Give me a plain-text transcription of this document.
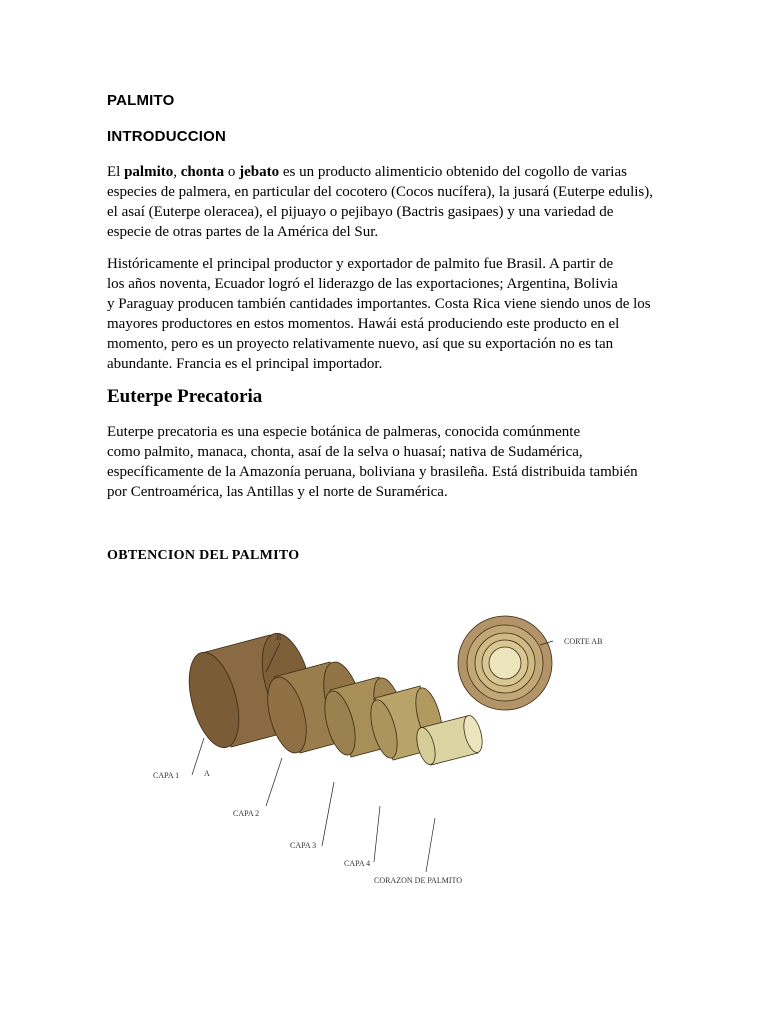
PALMITO
INTRODUCCION
El palmito, chonta o jebato es un producto alimenticio obtenido del cogollo de varias
especies de palmera, en particular del cocotero (Cocos nucífera), la jusará (Euterpe edulis),
el asaí (Euterpe oleracea), el pijuayo o pejibayo (Bactris gasipaes) y una variedad de
especie de otras partes de la América del Sur.
Históricamente el principal productor y exportador de palmito fue Brasil. A partir de
los años noventa, Ecuador logró el liderazgo de las exportaciones; Argentina, Bolivia
y Paraguay producen también cantidades importantes. Costa Rica viene siendo unos de los
mayores productores en estos momentos. Hawái está produciendo este producto en el
momento, pero es un proyecto relativamente nuevo, así que su exportación no es tan
abundante. Francia es el principal importador.
Euterpe Precatoria
Euterpe precatoria es una especie botánica de palmeras, conocida comúnmente
como palmito, manaca, chonta, asaí de la selva o huasaí; nativa de Sudamérica,
específicamente de la Amazonía peruana, boliviana y brasileña. Está distribuida también
por Centroamérica, las Antillas y el norte de Suramérica.
OBTENCION DEL PALMITO
B
A
CAPA 1
CAPA 2
CAPA 3
CAPA 4
CORAZON DE PALMITO
CORTE AB
